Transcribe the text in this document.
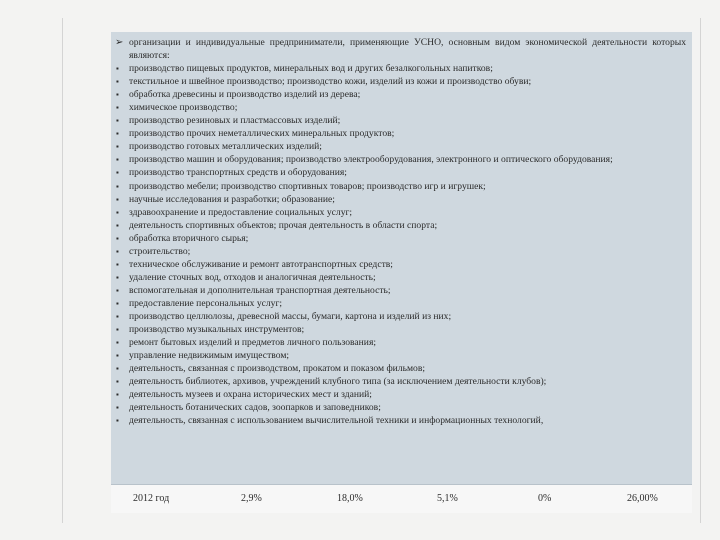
➢ организации и индивидуальные предприниматели, применяющие УСНО, основным видом экономической деятельности которых являются:
▪ производство пищевых продуктов, минеральных вод и других безалкогольных напитков;
▪ текстильное и швейное производство; производство кожи, изделий из кожи и производство обуви;
▪ обработка древесины и производство изделий из дерева;
▪ химическое производство;
▪ производство резиновых и пластмассовых изделий;
▪ производство прочих неметаллических минеральных продуктов;
▪ производство готовых металлических изделий;
▪ производство машин и оборудования; производство электрооборудования, электронного и оптического оборудования;
▪ производство транспортных средств и оборудования;
▪ производство мебели; производство спортивных товаров; производство игр и игрушек;
▪ научные исследования и разработки; образование;
▪ здравоохранение и предоставление социальных услуг;
▪ деятельность спортивных объектов; прочая деятельность в области спорта;
▪ обработка вторичного сырья;
▪ строительство;
▪ техническое обслуживание и ремонт автотранспортных средств;
▪ удаление сточных вод, отходов и аналогичная деятельность;
▪ вспомогательная и дополнительная транспортная деятельность;
▪ предоставление персональных услуг;
▪ производство целлюлозы, древесной массы, бумаги, картона и изделий из них;
▪ производство музыкальных инструментов;
▪ ремонт бытовых изделий и предметов личного пользования;
▪ управление недвижимым имуществом;
▪ деятельность, связанная с производством, прокатом и показом фильмов;
▪ деятельность библиотек, архивов, учреждений клубного типа (за исключением деятельности клубов);
▪ деятельность музеев и охрана исторических мест и зданий;
▪ деятельность ботанических садов, зоопарков и заповедников;
▪ деятельность, связанная с использованием вычислительной техники и информационных технологий,
2012 год	2,9%	18,0%	5,1%	0%	26,00%
